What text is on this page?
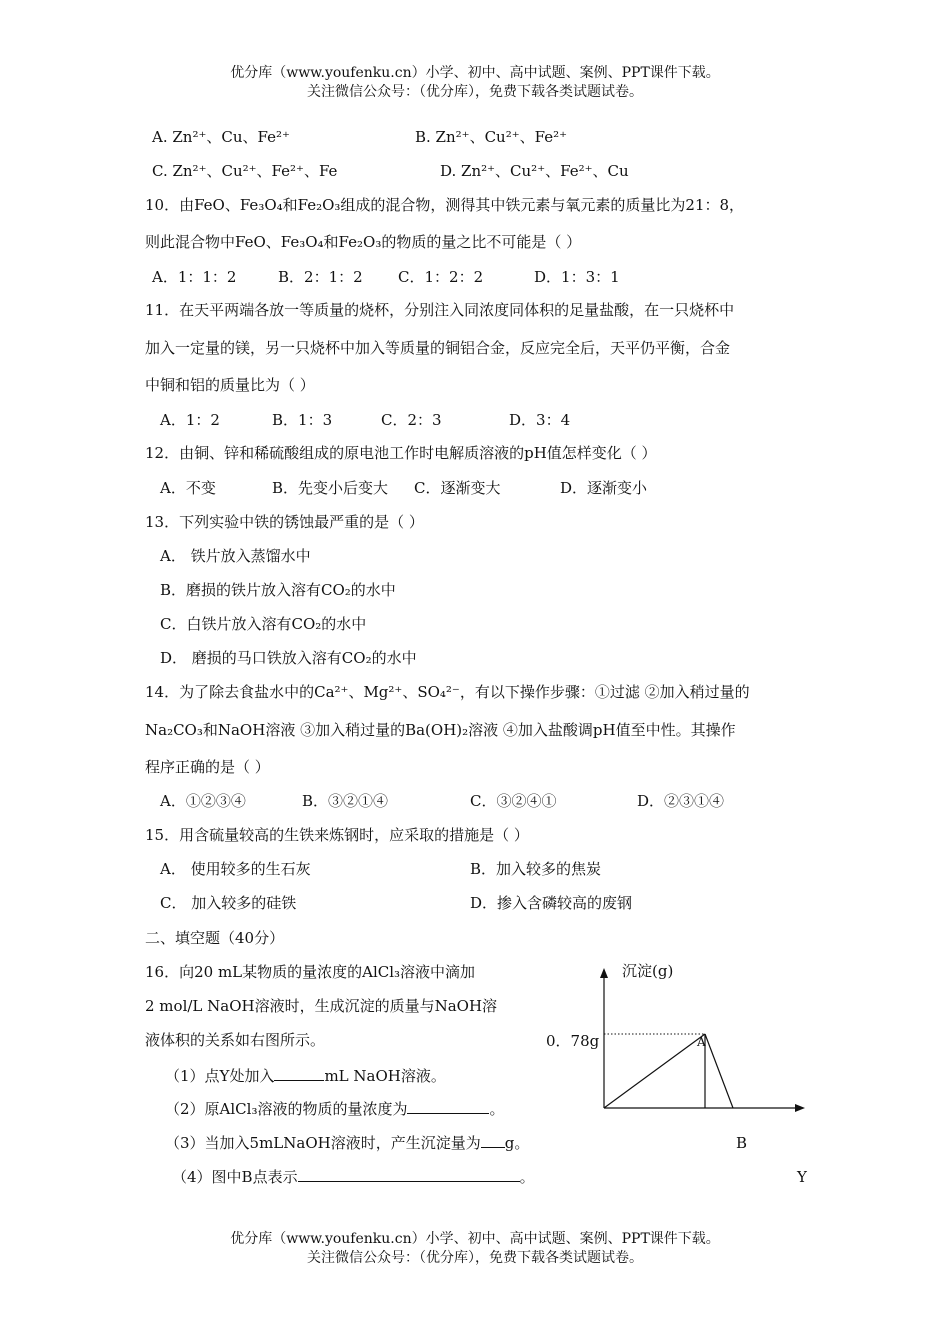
优分库（www.youfenku.cn）小学、初中、高中试题、案例、PPT课件下载。
关注微信公众号：（优分库），免费下载各类试题试卷。
A. Zn²⁺、Cu、Fe²⁺	B. Zn²⁺、Cu²⁺、Fe²⁺
C. Zn²⁺、Cu²⁺、Fe²⁺、Fe	D. Zn²⁺、Cu²⁺、Fe²⁺、Cu
10．由FeO、Fe₃O₄和Fe₂O₃组成的混合物，测得其中铁元素与氧元素的质量比为21：8，
则此混合物中FeO、Fe₃O₄和Fe₂O₃的物质的量之比不可能是（ ）
A．1：1：2	B．2：1：2 C．1：2：2	D．1：3：1
11．在天平两端各放一等质量的烧杯，分别注入同浓度同体积的足量盐酸，在一只烧杯中
加入一定量的镁，另一只烧杯中加入等质量的铜铝合金，反应完全后，天平仍平衡，合金
中铜和铝的质量比为（ ）
A．1：2	B．1：3	C．2：3	D．3：4
12．由铜、锌和稀硫酸组成的原电池工作时电解质溶液的pH值怎样变化（ ）
A．不变	B．先变小后变大 C．逐渐变大	D．逐渐变小
13．下列实验中铁的锈蚀最严重的是（ ）
A． 铁片放入蒸馏水中
B．磨损的铁片放入溶有CO₂的水中
C．白铁片放入溶有CO₂的水中
D． 磨损的马口铁放入溶有CO₂的水中
14．为了除去食盐水中的Ca²⁺、Mg²⁺、SO₄²⁻，有以下操作步骤：①过滤 ②加入稍过量的
Na₂CO₃和NaOH溶液 ③加入稍过量的Ba(OH)₂溶液 ④加入盐酸调pH值至中性。其操作
程序正确的是（ ）
A．①②③④	B．③②①④	C．③②④①	D．②③①④
15．用含硫量较高的生铁来炼钢时，应采取的措施是（ ）
A． 使用较多的生石灰	B．加入较多的焦炭
C． 加入较多的硅铁	D．掺入含磷较高的废钢
二、填空题（40分）
16．向20 mL某物质的量浓度的AlCl₃溶液中滴加
2 mol/L NaOH溶液时，生成沉淀的质量与NaOH溶
液体积的关系如右图所示。
（1）点Y处加入	mL NaOH溶液。
（2）原AlCl₃溶液的物质的量浓度为	。
（3）当加入5mLNaOH溶液时，产生沉淀量为 g。
（4）图中B点表示	。
沉淀(g)
0．78g	A
B
Y
优分库（www.youfenku.cn）小学、初中、高中试题、案例、PPT课件下载。
关注微信公众号：（优分库），免费下载各类试题试卷。
